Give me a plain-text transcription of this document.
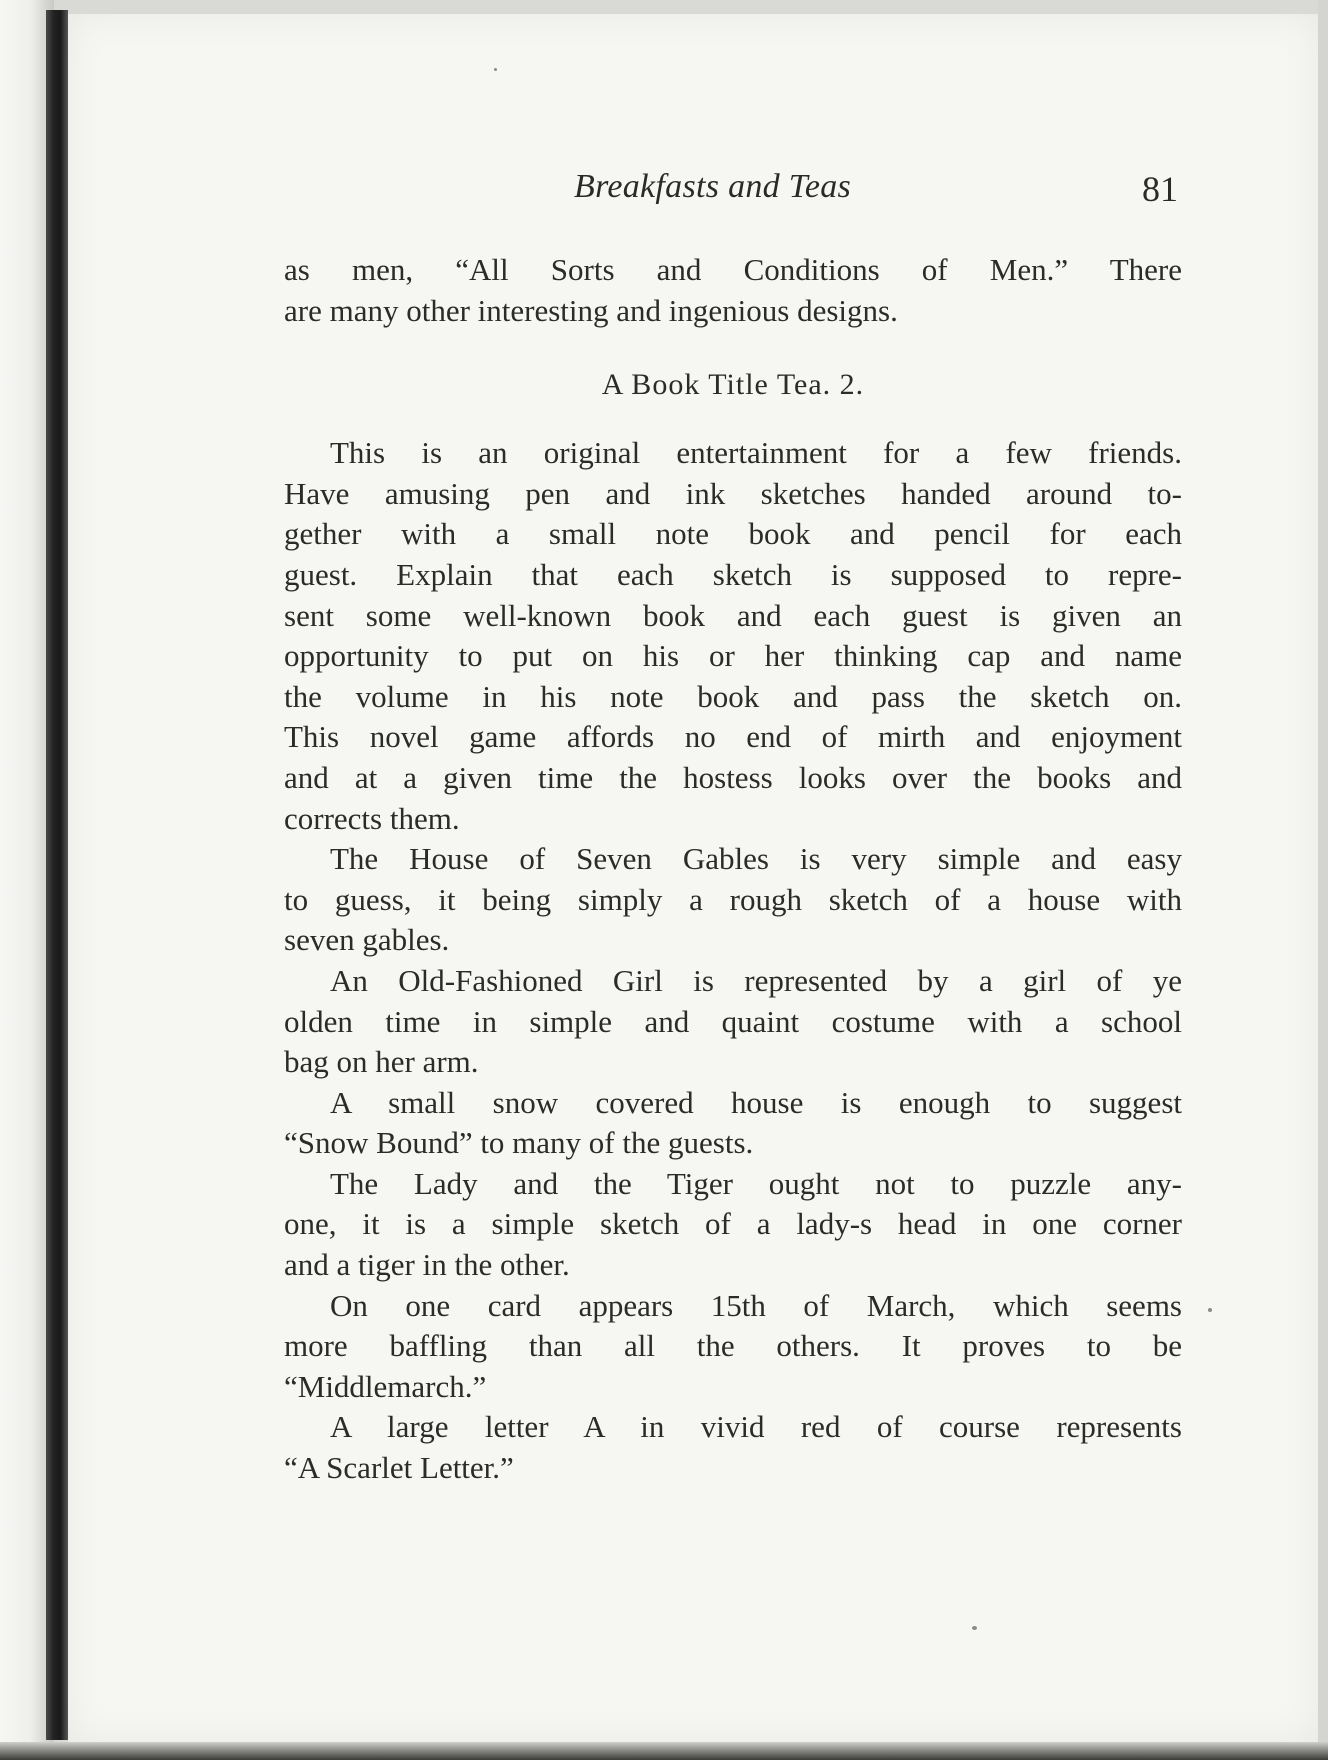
Breakfasts and Teas	81
as men, “All Sorts and Conditions of Men.” There
are many other interesting and ingenious designs.
A Book Title Tea. 2.
This is an original entertainment for a few friends.
Have amusing pen and ink sketches handed around to-
gether with a small note book and pencil for each
guest. Explain that each sketch is supposed to repre-
sent some well-known book and each guest is given an
opportunity to put on his or her thinking cap and name
the volume in his note book and pass the sketch on.
This novel game affords no end of mirth and enjoyment
and at a given time the hostess looks over the books and
corrects them.
The House of Seven Gables is very simple and easy
to guess, it being simply a rough sketch of a house with
seven gables.
An Old-Fashioned Girl is represented by a girl of ye
olden time in simple and quaint costume with a school
bag on her arm.
A small snow covered house is enough to suggest
“Snow Bound” to many of the guests.
The Lady and the Tiger ought not to puzzle any-
one, it is a simple sketch of a lady-s head in one corner
and a tiger in the other.
On one card appears 15th of March, which seems
more baffling than all the others. It proves to be
“Middlemarch.”
A large letter A in vivid red of course represents
“A Scarlet Letter.”
